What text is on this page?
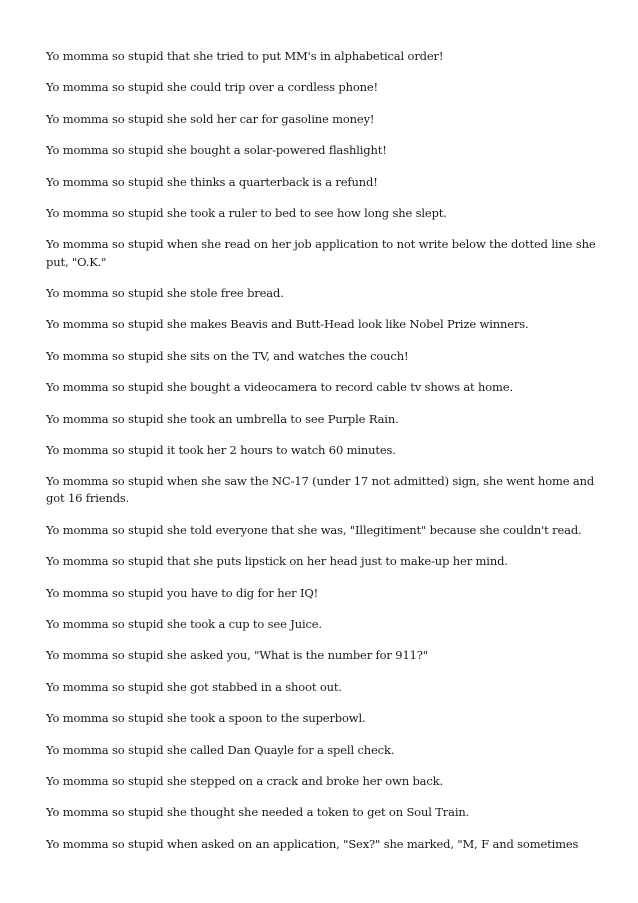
Yo momma so stupid that she tried to put MM's in alphabetical order!
Yo momma so stupid she could trip over a cordless phone!
Yo momma so stupid she sold her car for gasoline money!
Yo momma so stupid she bought a solar-powered flashlight!
Yo momma so stupid she thinks a quarterback is a refund!
Yo momma so stupid she took a ruler to bed to see how long she slept.
Yo momma so stupid when she read on her job application to not write below the dotted line she put, "O.K."
Yo momma so stupid she stole free bread.
Yo momma so stupid she makes Beavis and Butt-Head look like Nobel Prize winners.
Yo momma so stupid she sits on the TV, and watches the couch!
Yo momma so stupid she bought a videocamera to record cable tv shows at home.
Yo momma so stupid she took an umbrella to see Purple Rain.
Yo momma so stupid it took her 2 hours to watch 60 minutes.
Yo momma so stupid when she saw the NC-17 (under 17 not admitted) sign, she went home and got 16 friends.
Yo momma so stupid she told everyone that she was, "Illegitiment" because she couldn't read.
Yo momma so stupid that she puts lipstick on her head just to make-up her mind.
Yo momma so stupid you have to dig for her IQ!
Yo momma so stupid she took a cup to see Juice.
Yo momma so stupid she asked you, "What is the number for 911?"
Yo momma so stupid she got stabbed in a shoot out.
Yo momma so stupid she took a spoon to the superbowl.
Yo momma so stupid she called Dan Quayle for a spell check.
Yo momma so stupid she stepped on a crack and broke her own back.
Yo momma so stupid she thought she needed a token to get on Soul Train.
Yo momma so stupid when asked on an application, "Sex?" she marked, "M, F and sometimes
